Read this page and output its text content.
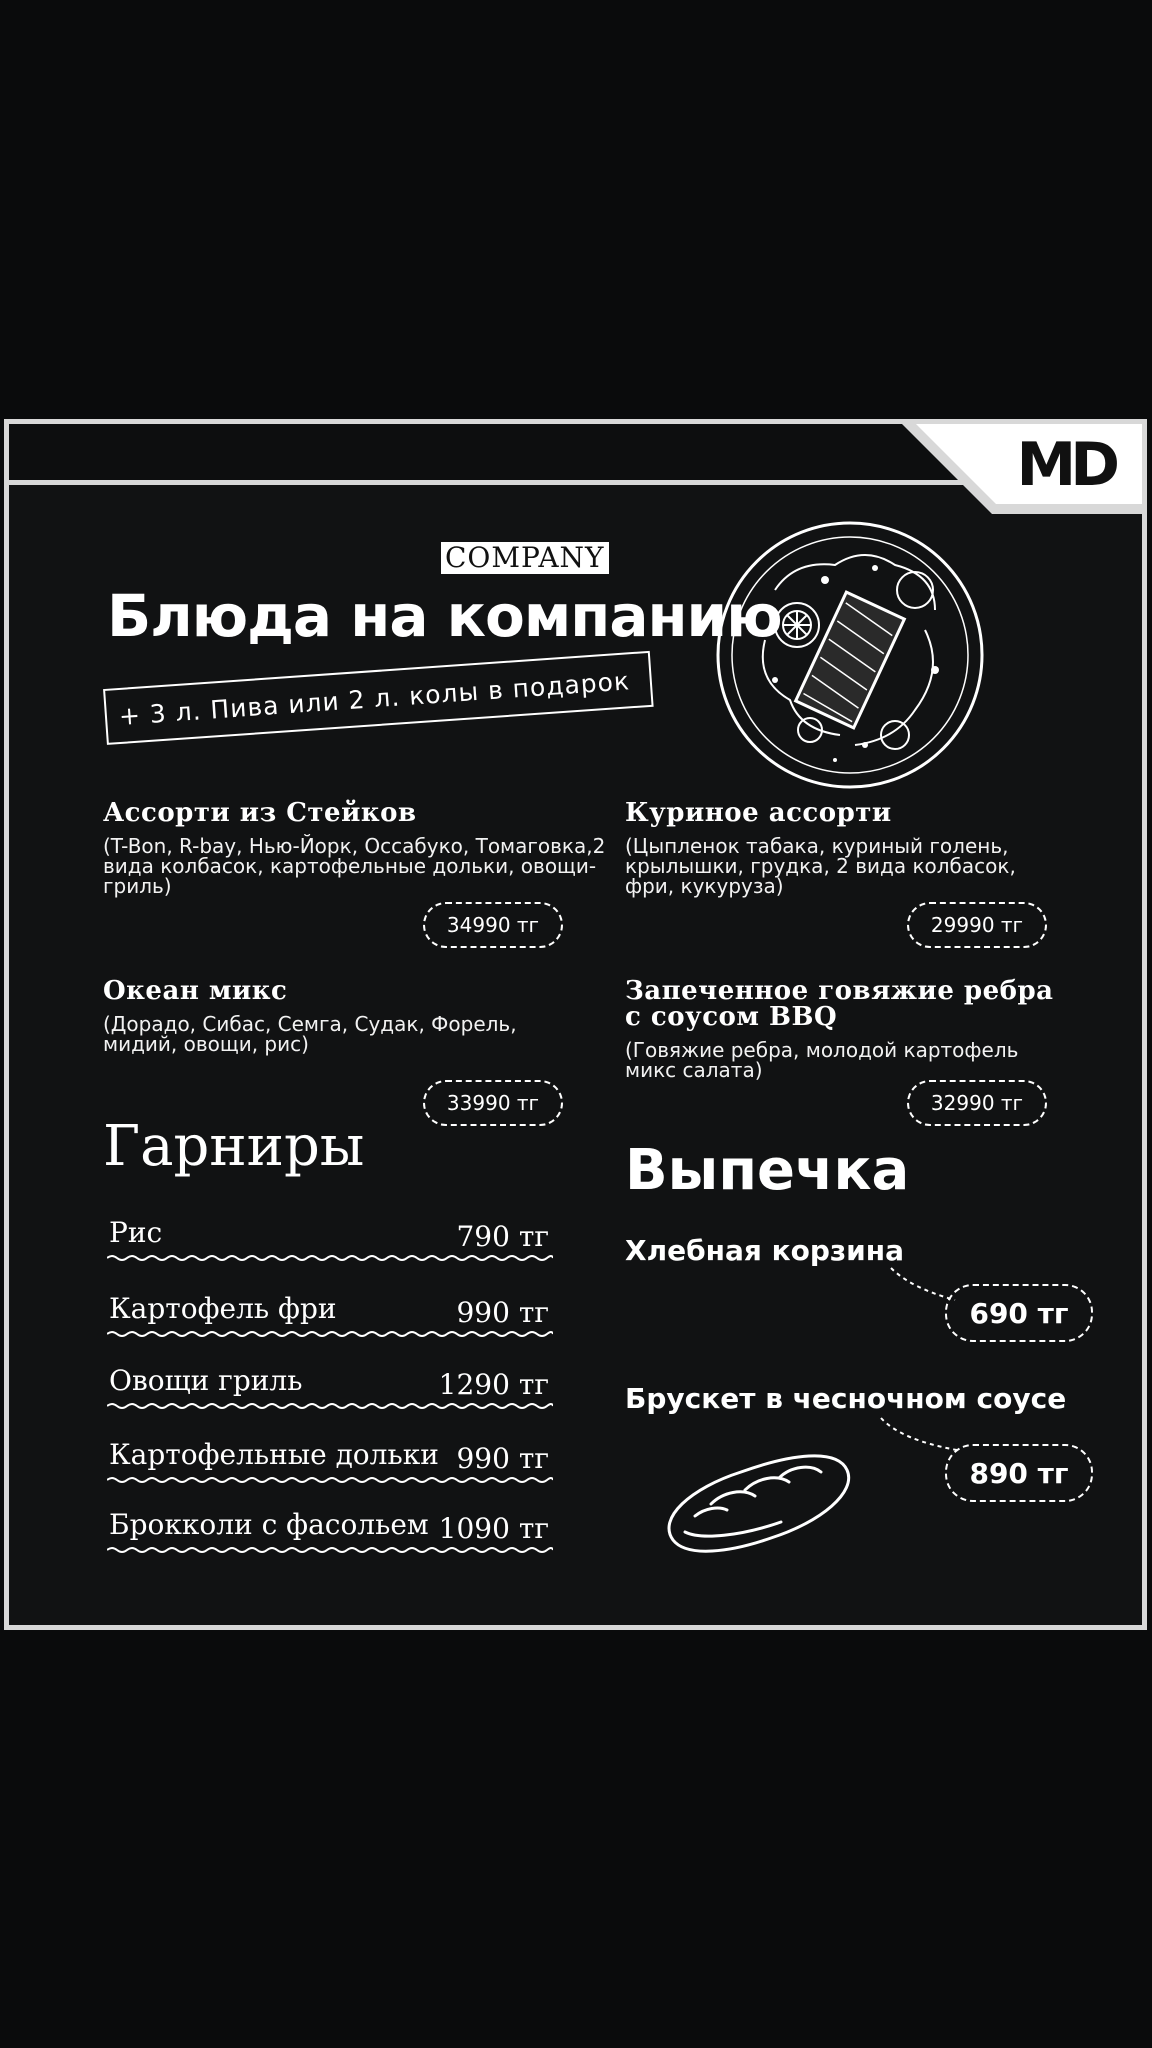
MD
COMPANY
Блюда на компанию
+ 3 л. Пива или 2 л. колы в подарок
Ассорти из Стейков
(T-Bon, R-bay, Нью-Йорк, Оссабуко, Томаговка,2 вида колбасок, картофельные дольки, овощи-гриль)
34990 тг
Куриное ассорти
(Цыпленок табака, куриный голень, крылышки, грудка, 2 вида колбасок, фри, кукуруза)
29990 тг
Океан микс
(Дорадо, Сибас, Семга, Судак, Форель, мидий, овощи, рис)
33990 тг
Запеченное говяжие ребра с соусом BBQ
(Говяжие ребра, молодой картофель микс салата)
32990 тг
Гарниры
Рис	790 тг
Картофель фри	990 тг
Овощи гриль	1290 тг
Картофельные дольки 990 тг
Брокколи с фасольем 1090 тг
Выпечка
Хлебная корзина
690 тг
Брускет в чесночном соусе
890 тг
